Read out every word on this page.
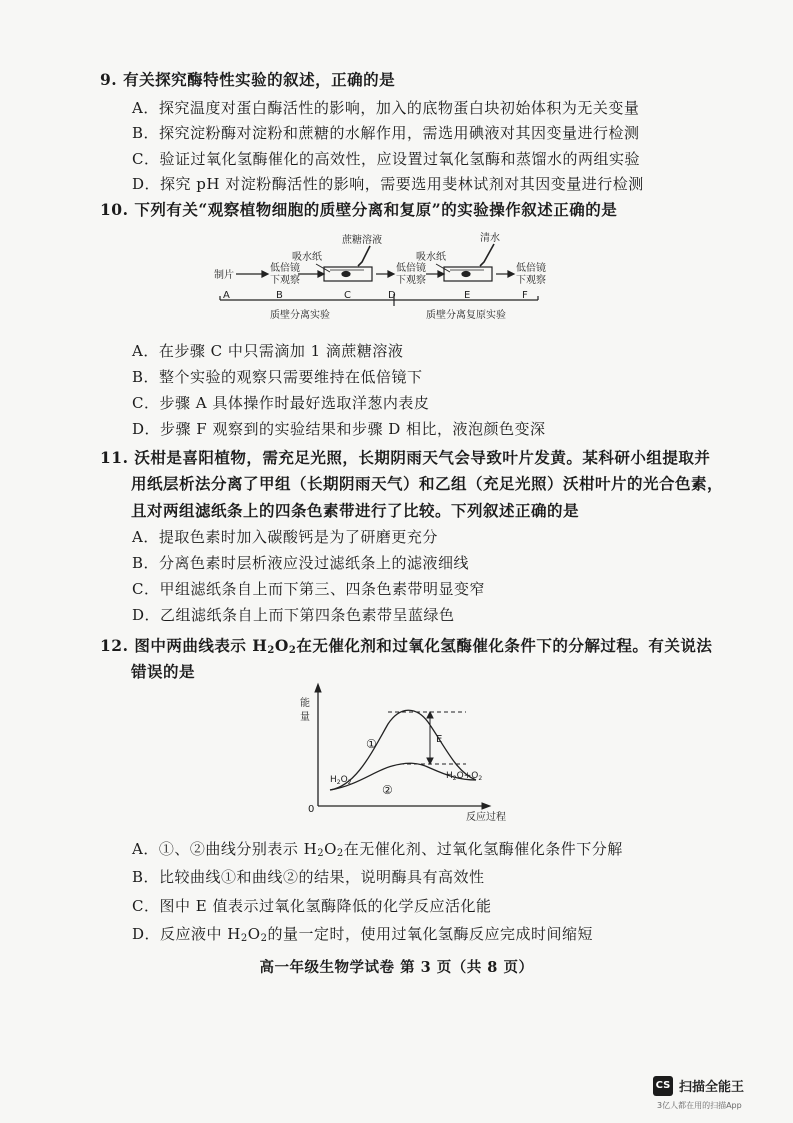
9. 有关探究酶特性实验的叙述，正确的是
A．探究温度对蛋白酶活性的影响，加入的底物蛋白块初始体积为无关变量
B．探究淀粉酶对淀粉和蔗糖的水解作用，需选用碘液对其因变量进行检测
C．验证过氧化氢酶催化的高效性，应设置过氧化氢酶和蒸馏水的两组实验
D．探究 pH 对淀粉酶活性的影响，需要选用斐林试剂对其因变量进行检测
10. 下列有关“观察植物细胞的质壁分离和复原”的实验操作叙述正确的是
制片
低倍镜
下观察
吸水纸
蔗糖溶液
低倍镜
下观察
吸水纸
清水
低倍镜
下观察
A	B	C	D	E	F
质壁分离实验	质壁分离复原实验
A．在步骤 C 中只需滴加 1 滴蔗糖溶液
B．整个实验的观察只需要维持在低倍镜下
C．步骤 A 具体操作时最好选取洋葱内表皮
D．步骤 F 观察到的实验结果和步骤 D 相比，液泡颜色变深
11. 沃柑是喜阳植物，需充足光照，长期阴雨天气会导致叶片发黄。某科研小组提取并
用纸层析法分离了甲组（长期阴雨天气）和乙组（充足光照）沃柑叶片的光合色素，
且对两组滤纸条上的四条色素带进行了比较。下列叙述正确的是
A．提取色素时加入碳酸钙是为了研磨更充分
B．分离色素时层析液应没过滤纸条上的滤液细线
C．甲组滤纸条自上而下第三、四条色素带明显变窄
D．乙组滤纸条自上而下第四条色素带呈蓝绿色
12. 图中两曲线表示 $H_2O_2$在无催化剂和过氧化氢酶催化条件下的分解过程。有关说法
错误的是
能
量
0
反应过程
①
②
E
$H_2O_2$
$H_2O+O_2$
A．①、②曲线分别表示 $H_2O_2$在无催化剂、过氧化氢酶催化条件下分解
B．比较曲线①和曲线②的结果，说明酶具有高效性
C．图中 E 值表示过氧化氢酶降低的化学反应活化能
D．反应液中 $H_2O_2$的量一定时，使用过氧化氢酶反应完成时间缩短
高一年级生物学试卷 第 3 页（共 8 页）
CS 扫描全能王
3亿人都在用的扫描App
